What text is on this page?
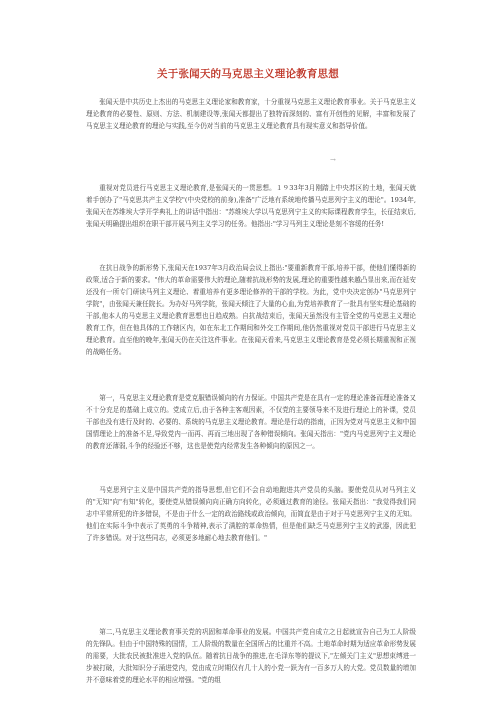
关于张闻天的马克思主义理论教育思想

张闻天是中共历史上杰出的马克思主义理论家和教育家，十分重视马克思主义理论教育事业。关于马克思主义理论教育的必要性、原则、方法、机制建设等,张闻天都提出了独特而深刻的、富有开创性的见解，丰富和发展了马克思主义理论教育的理论与实践,至今仍对当前的马克思主义理论教育具有现实意义和指导价值。

→

重视对党员进行马克思主义理论教育,是张闻天的一贯思想。１９33年3月刚踏上中央苏区的土地，张闻天就着手创办了"马克思共产主义学校"(中央党校的前身),准备"广泛地有系统地传播马克思列宁主义的理论"。1934年,张闻天在苏维埃大学开学典礼上的讲话中指出："苏维埃大学以马克思列宁主义的实际课程教育学生，长征结束后,张闻天明确提出组织在职干部开展马列主义学习的任务。他指出:"学习马列主义理论是刻不容缓的任务!

在抗日战争的新形势下,张闻天在1937年3月政治局会议上指出:"要重新教育干部,培养干部，使他们懂得新的政策,适合于新的要求。"伟大的革命需要伟大的理论,随着抗战形势的发展,理论的重要性越来越凸显出来,而在延安还没有一所专门研读马列主义理论、着重培养有更多理论修养的干部的学校。为此，党中央决定创办"马克思列宁学院"，由张闻天兼任院长。为办好马列学院，张闻天倾注了大量的心血,为党培养教育了一批具有坚实理论基础的干部,他本人的马克思主义理论教育思想也日趋成熟。自抗战结束后，张闻天虽然没有主管全党的马克思主义理论教育工作，但在他具体的工作辖区内，如在东北工作期间和外交工作期间,他仍然重视对党员干部进行马克思主义理论教育。直至他的晚年,张闻天仍在关注这件事业。在张闻天看来,马克思主义理论教育是党必须长期重视和正视的战略任务。

第一，马克思主义理论教育是党克服错误倾向的有力保证。中国共产党是在具有一定的理论准备而理论准备又不十分充足的基础上成立的。党成立后,由于各种主客观因素，不仅党的主要领导来不及进行理论上的补课，党员干部也没有进行及时的、必要的、系统的马克思主义理论教育。理论是行动的指南，正因为党对马克思主义和中国国情理论上的准备不足,导致党内一而再、再而三地出现了各种错误倾向。张闻天指出："党内马克思列宁主义理论的教育还薄弱,斗争的经验还不够，这也是使党内经常发生各种倾向的原因之一。

马克思列宁主义是中国共产党的指导思想,但它们不会自动地跑进共产党员的头脑。要使党员从对马列主义的"无知"向"有知"转化，要使党从错误倾向向正确方向转化，必须通过教育的途径。张闻天指出："我觉得我们同志中平常所犯的许多错误，不是由于什么一定的政治路线或政治倾向，而简直是由于对于马克思列宁主义的无知。他们在实际斗争中表示了英勇的斗争精神,表示了满腔的革命热情，但是他们缺乏马克思列宁主义的武器，因此犯了许多错误。对于这些同志，必须更多地耐心地去教育他们。"

第二,马克思主义理论教育事关党的巩固和革命事业的发展。中国共产党自成立之日起就宣告自己为工人阶级的先锋队。但由于中国特殊的国情，工人阶级的数量在全国所占的比重并不高。土地革命时期为适应革命形势发展的需要，大批农民被批准进入党的队伍。随着抗日战争的推进,在毛泽东等的提议下,"左倾关门主义"思想束缚进一步被打破，大批知识分子涌进党内，党由成立时期仅有几十人的小党一跃为有一百多万人的大党。党员数量的增加并不意味着党的理论水平的相应增强。"党的组
